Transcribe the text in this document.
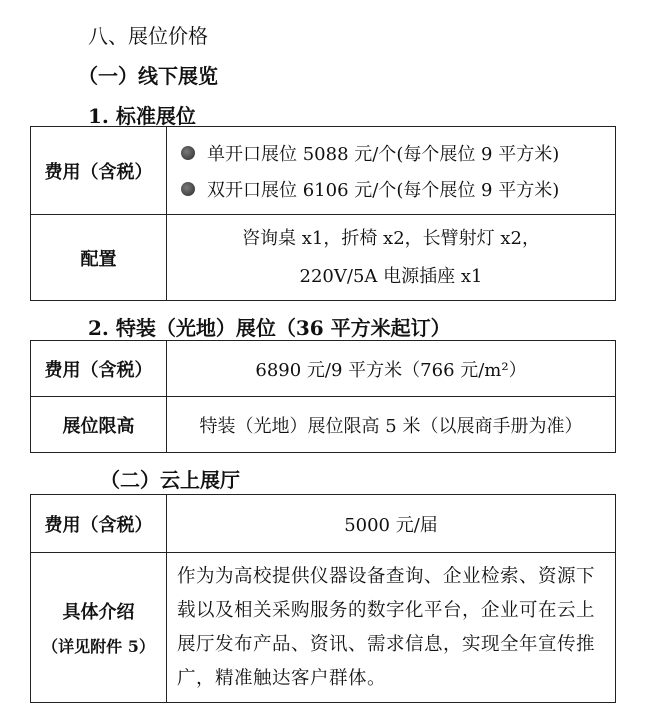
八、展位价格
（一）线下展览
1. 标准展位
费用（含税）	单开口展位 5088 元/个(每个展位 9 平方米)
双开口展位 6106 元/个(每个展位 9 平方米)

配置	咨询桌 x1，折椅 x2，长臂射灯 x2，
220V/5A 电源插座 x1
2. 特装（光地）展位（36 平方米起订）
费用（含税）	6890 元/9 平方米（766 元/m²）
展位限高	特装（光地）展位限高 5 米（以展商手册为准）
（二）云上展厅
费用（含税）	5000 元/届
具体介绍
（详见附件 5）	作为为高校提供仪器设备查询、企业检索、资源下载以及相关采购服务的数字化平台，企业可在云上展厅发布产品、资讯、需求信息，实现全年宣传推广，精准触达客户群体。
